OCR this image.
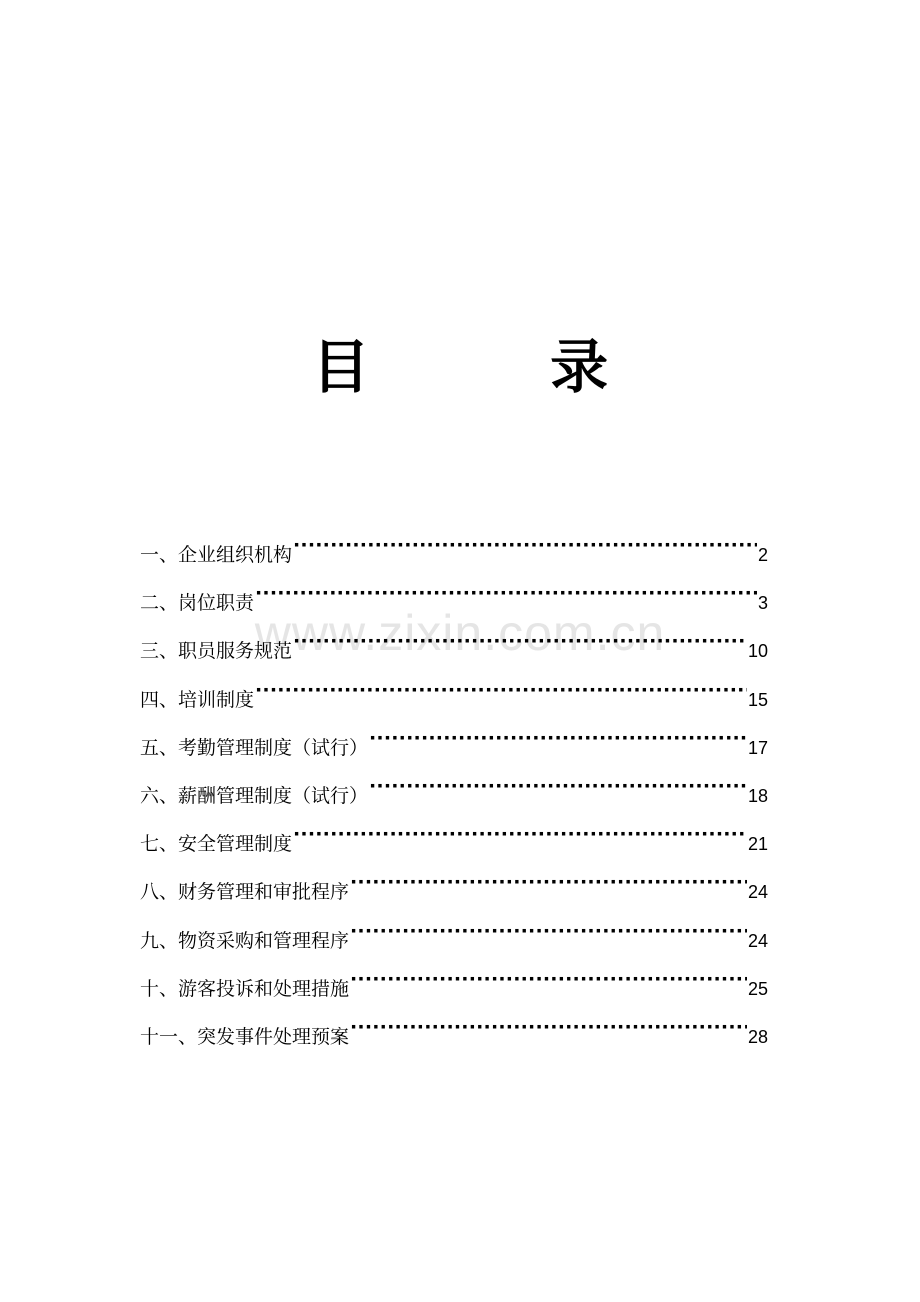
目 录
www.zixin.com.cn
一、企业组织机构 ·····	2
二、岗位职责 ·····	3
三、职员服务规范 ·····	10
四、培训制度 ·····	15
五、考勤管理制度（试行） ·····	17
六、薪酬管理制度（试行） ·····	18
七、安全管理制度 ·····	21
八、财务管理和审批程序 ·····	24
九、物资采购和管理程序 ·····	24
十、游客投诉和处理措施 ·····	25
十一、突发事件处理预案 ·····	28
